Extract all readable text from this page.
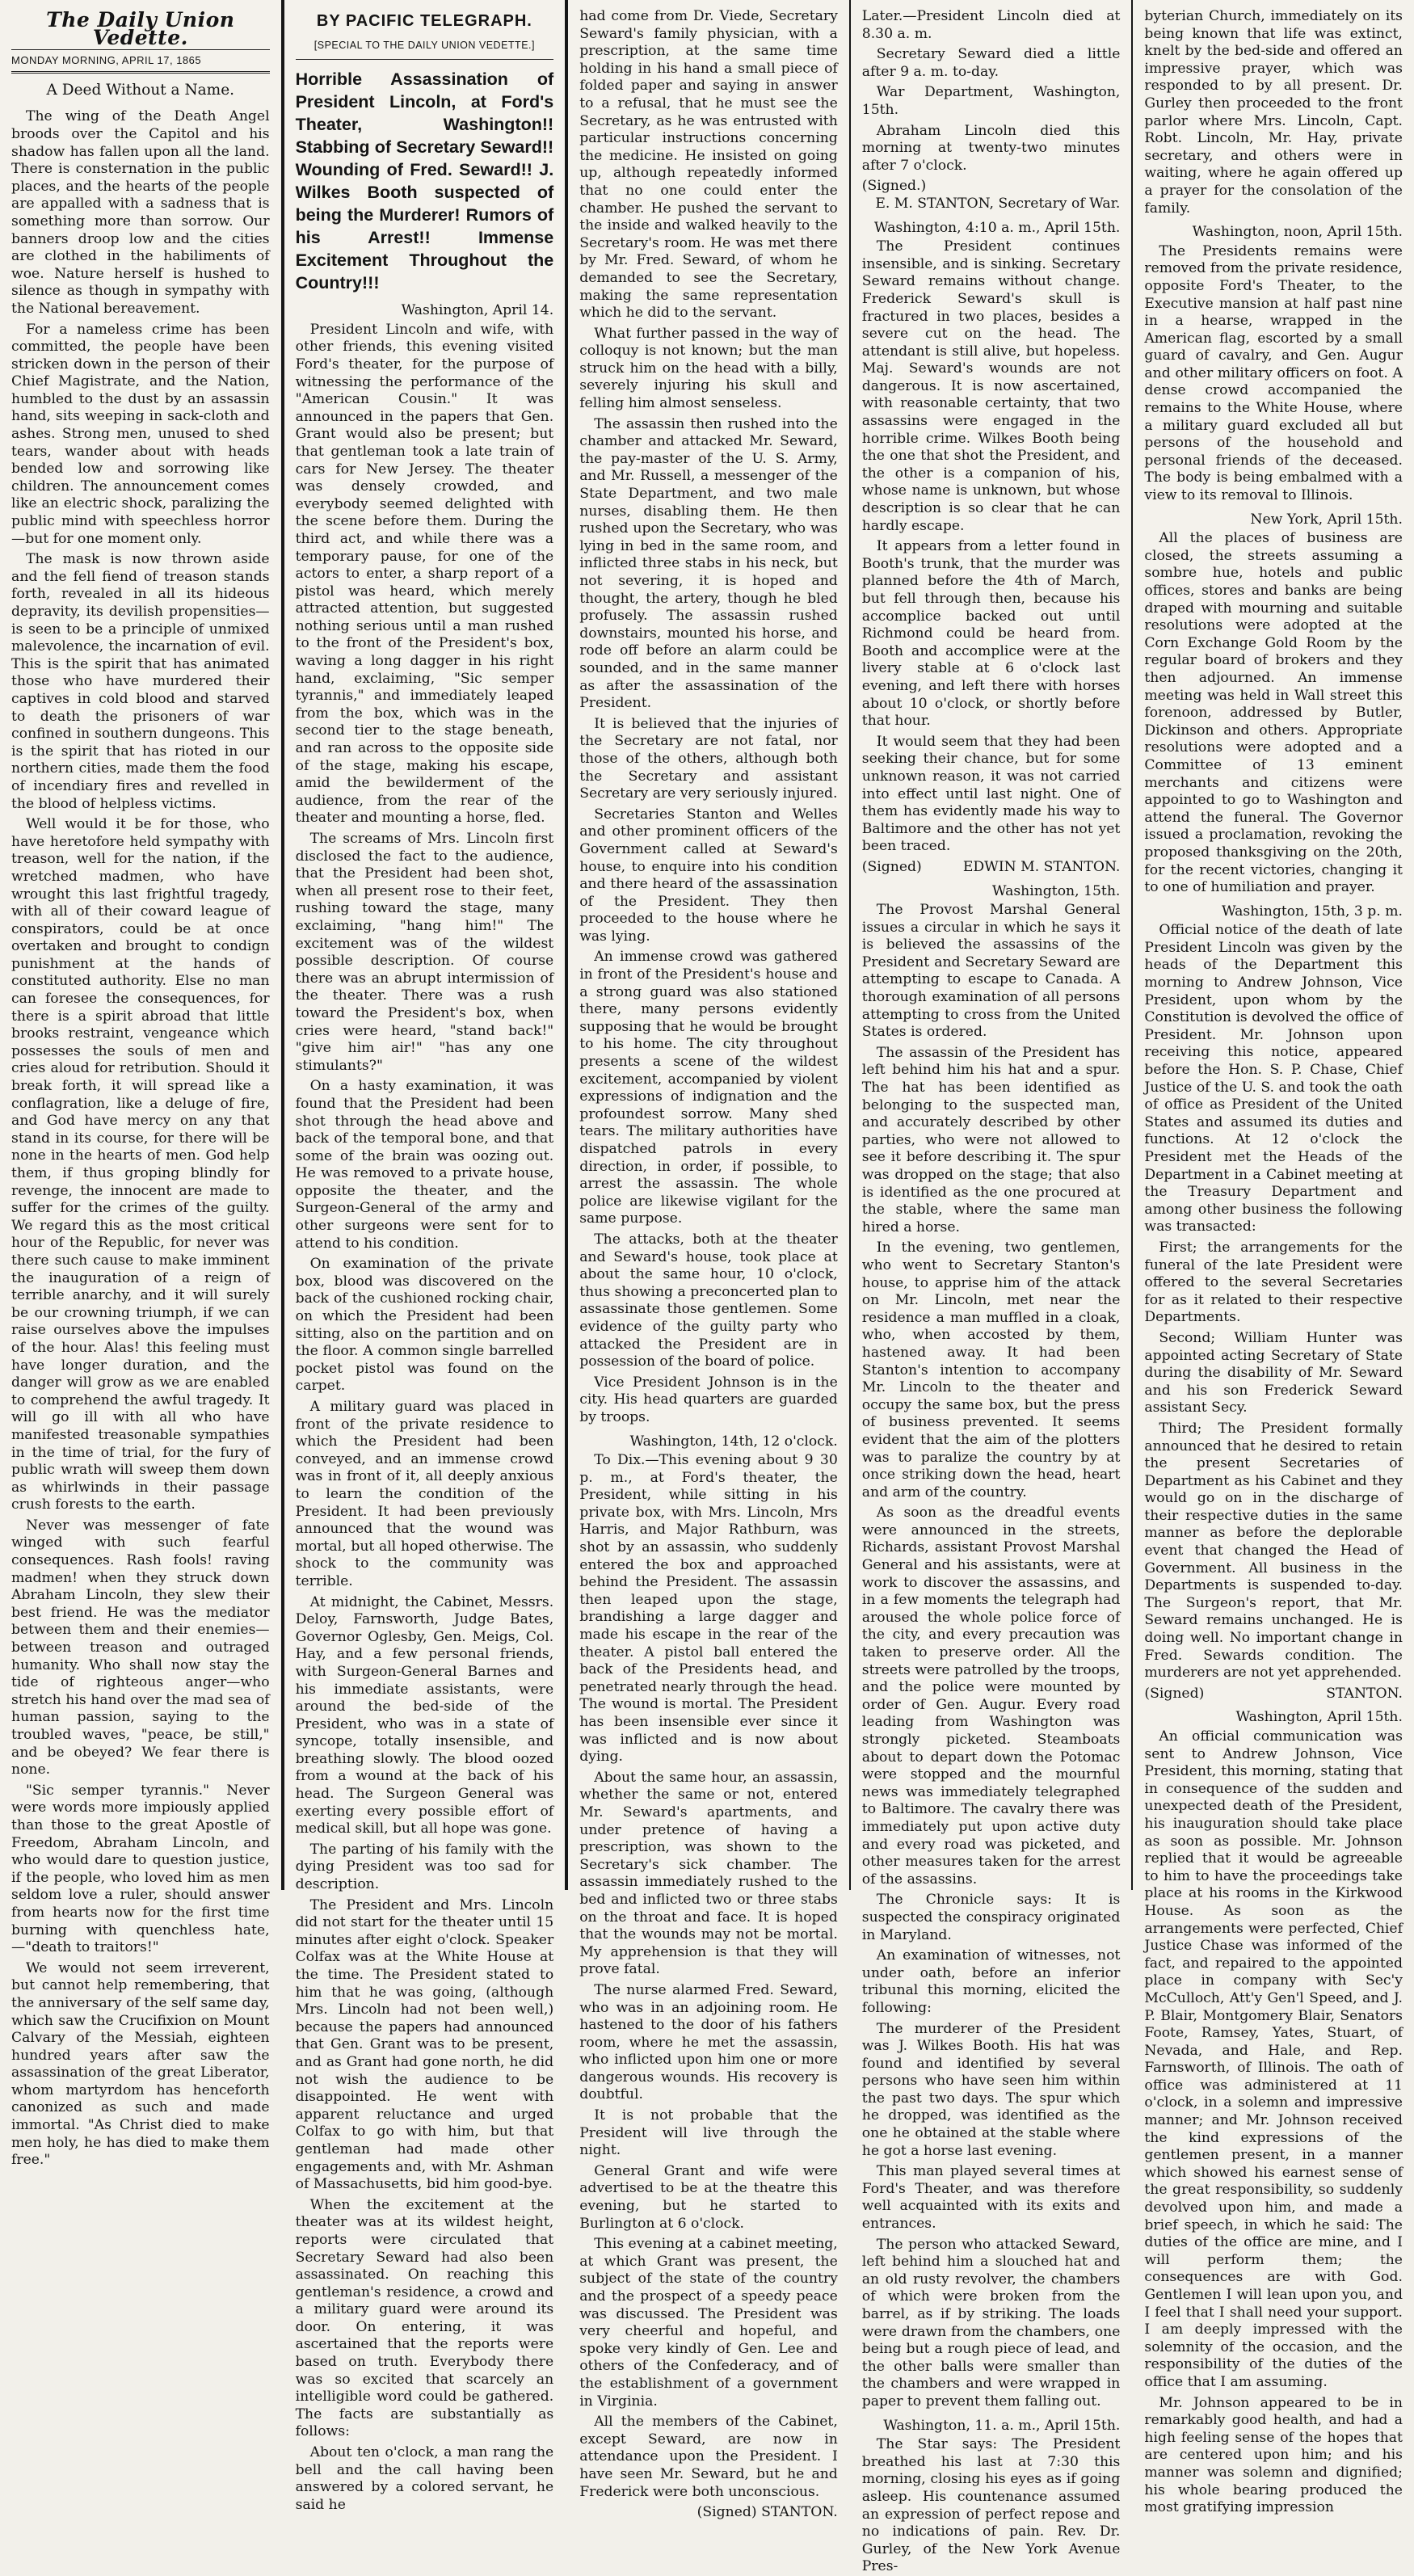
The Daily Union Vedette.
MONDAY MORNING, APRIL 17, 1865
A Deed Without a Name.

The wing of the Death Angel broods over the Capitol and his shadow has fallen upon all the land. There is consternation in the public places, and the hearts of the people are appalled with a sadness that is something more than sorrow. Our banners droop low and the cities are clothed in the habiliments of woe. Nature herself is hushed to silence as though in sympathy with the National bereavement.

For a nameless crime has been committed, the people have been stricken down in the person of their Chief Magistrate, and the Nation, humbled to the dust by an assassin hand, sits weeping in sack-cloth and ashes. Strong men, unused to shed tears, wander about with heads bended low and sorrowing like children. The announcement comes like an electric shock, paralizing the public mind with speechless horror—but for one moment only.

The mask is now thrown aside and the fell fiend of treason stands forth, revealed in all its hideous depravity, its devilish propensities—is seen to be a principle of unmixed malevolence, the incarnation of evil. This is the spirit that has animated those who have murdered their captives in cold blood and starved to death the prisoners of war confined in southern dungeons. This is the spirit that has rioted in our northern cities, made them the food of incendiary fires and revelled in the blood of helpless victims.

Well would it be for those, who have heretofore held sympathy with treason, well for the nation, if the wretched madmen, who have wrought this last frightful tragedy, with all of their coward league of conspirators, could be at once overtaken and brought to condign punishment at the hands of constituted authority. Else no man can foresee the consequences, for there is a spirit abroad that little brooks restraint, vengeance which possesses the souls of men and cries aloud for retribution. Should it break forth, it will spread like a conflagration, like a deluge of fire, and God have mercy on any that stand in its course, for there will be none in the hearts of men. God help them, if thus groping blindly for revenge, the innocent are made to suffer for the crimes of the guilty. We regard this as the most critical hour of the Republic, for never was there such cause to make imminent the inauguration of a reign of terrible anarchy, and it will surely be our crowning triumph, if we can raise ourselves above the impulses of the hour. Alas! this feeling must have longer duration, and the danger will grow as we are enabled to comprehend the awful tragedy. It will go ill with all who have manifested treasonable sympathies in the time of trial, for the fury of public wrath will sweep them down as whirlwinds in their passage crush forests to the earth.

Never was messenger of fate winged with such fearful consequences. Rash fools! raving madmen! when they struck down Abraham Lincoln, they slew their best friend. He was the mediator between them and their enemies—between treason and outraged humanity. Who shall now stay the tide of righteous anger—who stretch his hand over the mad sea of human passion, saying to the troubled waves, "peace, be still," and be obeyed? We fear there is none.

"Sic semper tyrannis." Never were words more impiously applied than those to the great Apostle of Freedom, Abraham Lincoln, and who would dare to question justice, if the people, who loved him as men seldom love a ruler, should answer from hearts now for the first time burning with quenchless hate,—"death to traitors!"

We would not seem irreverent, but cannot help remembering, that the anniversary of the self same day, which saw the Crucifixion on Mount Calvary of the Messiah, eighteen hundred years after saw the assassination of the great Liberator, whom martyrdom has henceforth canonized as such and made immortal. "As Christ died to make men holy, he has died to make them free."

BY PACIFIC TELEGRAPH.
[SPECIAL TO THE DAILY UNION VEDETTE.]
Horrible Assassination of President Lincoln, at Ford's Theater, Washington!! Stabbing of Secretary Seward!! Wounding of Fred. Seward!! J. Wilkes Booth suspected of being the Murderer! Rumors of his Arrest!! Immense Excitement Throughout the Country!!!
Washington, April 14.

President Lincoln and wife, with other friends, this evening visited Ford's theater, for the purpose of witnessing the performance of the "American Cousin." It was announced in the papers that Gen. Grant would also be present; but that gentleman took a late train of cars for New Jersey. The theater was densely crowded, and everybody seemed delighted with the scene before them. During the third act, and while there was a temporary pause, for one of the actors to enter, a sharp report of a pistol was heard, which merely attracted attention, but suggested nothing serious until a man rushed to the front of the President's box, waving a long dagger in his right hand, exclaiming, "Sic semper tyrannis," and immediately leaped from the box, which was in the second tier to the stage beneath, and ran across to the opposite side of the stage, making his escape, amid the bewilderment of the audience, from the rear of the theater and mounting a horse, fled.

The screams of Mrs. Lincoln first disclosed the fact to the audience, that the President had been shot, when all present rose to their feet, rushing toward the stage, many exclaiming, "hang him!" The excitement was of the wildest possible description. Of course there was an abrupt intermission of the theater. There was a rush toward the President's box, when cries were heard, "stand back!" "give him air!" "has any one stimulants?"

On a hasty examination, it was found that the President had been shot through the head above and back of the temporal bone, and that some of the brain was oozing out. He was removed to a private house, opposite the theater, and the Surgeon-General of the army and other surgeons were sent for to attend to his condition.

On examination of the private box, blood was discovered on the back of the cushioned rocking chair, on which the President had been sitting, also on the partition and on the floor. A common single barrelled pocket pistol was found on the carpet.

A military guard was placed in front of the private residence to which the President had been conveyed, and an immense crowd was in front of it, all deeply anxious to learn the condition of the President. It had been previously announced that the wound was mortal, but all hoped otherwise. The shock to the community was terrible.

At midnight, the Cabinet, Messrs. Deloy, Farnsworth, Judge Bates, Governor Oglesby, Gen. Meigs, Col. Hay, and a few personal friends, with Surgeon-General Barnes and his immediate assistants, were around the bed-side of the President, who was in a state of syncope, totally insensible, and breathing slowly. The blood oozed from a wound at the back of his head. The Surgeon General was exerting every possible effort of medical skill, but all hope was gone.

The parting of his family with the dying President was too sad for description.

The President and Mrs. Lincoln did not start for the theater until 15 minutes after eight o'clock. Speaker Colfax was at the White House at the time. The President stated to him that he was going, (although Mrs. Lincoln had not been well,) because the papers had announced that Gen. Grant was to be present, and as Grant had gone north, he did not wish the audience to be disappointed. He went with apparent reluctance and urged Colfax to go with him, but that gentleman had made other engagements and, with Mr. Ashman of Massachusetts, bid him good-bye.

When the excitement at the theater was at its wildest height, reports were circulated that Secretary Seward had also been assassinated. On reaching this gentleman's residence, a crowd and a military guard were around its door. On entering, it was ascertained that the reports were based on truth. Everybody there was so excited that scarcely an intelligible word could be gathered. The facts are substantially as follows:

About ten o'clock, a man rang the bell and the call having been answered by a colored servant, he said he

had come from Dr. Viede, Secretary Seward's family physician, with a prescription, at the same time holding in his hand a small piece of folded paper and saying in answer to a refusal, that he must see the Secretary, as he was entrusted with particular instructions concerning the medicine. He insisted on going up, although repeatedly informed that no one could enter the chamber. He pushed the servant to the inside and walked heavily to the Secretary's room. He was met there by Mr. Fred. Seward, of whom he demanded to see the Secretary, making the same representation which he did to the servant.

What further passed in the way of colloquy is not known; but the man struck him on the head with a billy, severely injuring his skull and felling him almost senseless.

The assassin then rushed into the chamber and attacked Mr. Seward, the pay-master of the U. S. Army, and Mr. Russell, a messenger of the State Department, and two male nurses, disabling them. He then rushed upon the Secretary, who was lying in bed in the same room, and inflicted three stabs in his neck, but not severing, it is hoped and thought, the artery, though he bled profusely. The assassin rushed downstairs, mounted his horse, and rode off before an alarm could be sounded, and in the same manner as after the assassination of the President.

It is believed that the injuries of the Secretary are not fatal, nor those of the others, although both the Secretary and assistant Secretary are very seriously injured.

Secretaries Stanton and Welles and other prominent officers of the Government called at Seward's house, to enquire into his condition and there heard of the assassination of the President. They then proceeded to the house where he was lying.

An immense crowd was gathered in front of the President's house and a strong guard was also stationed there, many persons evidently supposing that he would be brought to his home. The city throughout presents a scene of the wildest excitement, accompanied by violent expressions of indignation and the profoundest sorrow. Many shed tears. The military authorities have dispatched patrols in every direction, in order, if possible, to arrest the assassin. The whole police are likewise vigilant for the same purpose.

The attacks, both at the theater and Seward's house, took place at about the same hour, 10 o'clock, thus showing a preconcerted plan to assassinate those gentlemen. Some evidence of the guilty party who attacked the President are in possession of the board of police.

Vice President Johnson is in the city. His head quarters are guarded by troops.

Washington, 14th, 12 o'clock.

To Dix.—This evening about 9 30 p. m., at Ford's theater, the President, while sitting in his private box, with Mrs. Lincoln, Mrs Harris, and Major Rathburn, was shot by an assassin, who suddenly entered the box and approached behind the President. The assassin then leaped upon the stage, brandishing a large dagger and made his escape in the rear of the theater. A pistol ball entered the back of the Presidents head, and penetrated nearly through the head. The wound is mortal. The President has been insensible ever since it was inflicted and is now about dying.

About the same hour, an assassin, whether the same or not, entered Mr. Seward's apartments, and under pretence of having a prescription, was shown to the Secretary's sick chamber. The assassin immediately rushed to the bed and inflicted two or three stabs on the throat and face. It is hoped that the wounds may not be mortal. My apprehension is that they will prove fatal.

The nurse alarmed Fred. Seward, who was in an adjoining room. He hastened to the door of his fathers room, where he met the assassin, who inflicted upon him one or more dangerous wounds. His recovery is doubtful.

It is not probable that the President will live through the night.

General Grant and wife were advertised to be at the theatre this evening, but he started to Burlington at 6 o'clock.

This evening at a cabinet meeting, at which Grant was present, the subject of the state of the country and the prospect of a speedy peace was discussed. The President was very cheerful and hopeful, and spoke very kindly of Gen. Lee and others of the Confederacy, and of the establishment of a government in Virginia.

All the members of the Cabinet, except Seward, are now in attendance upon the President. I have seen Mr. Seward, but he and Frederick were both unconscious.

(Signed) STANTON.

Later.—President Lincoln died at 8.30 a. m.

Secretary Seward died a little after 9 a. m. to-day.

War Department, Washington, 15th.

Abraham Lincoln died this morning at twenty-two minutes after 7 o'clock.

(Signed.)
E. M. STANTON, Secretary of War.
Washington, 4:10 a. m., April 15th.

The President continues insensible, and is sinking. Secretary Seward remains without change. Frederick Seward's skull is fractured in two places, besides a severe cut on the head. The attendant is still alive, but hopeless. Maj. Seward's wounds are not dangerous. It is now ascertained, with reasonable certainty, that two assassins were engaged in the horrible crime. Wilkes Booth being the one that shot the President, and the other is a companion of his, whose name is unknown, but whose description is so clear that he can hardly escape.

It appears from a letter found in Booth's trunk, that the murder was planned before the 4th of March, but fell through then, because his accomplice backed out until Richmond could be heard from. Booth and accomplice were at the livery stable at 6 o'clock last evening, and left there with horses about 10 o'clock, or shortly before that hour.

It would seem that they had been seeking their chance, but for some unknown reason, it was not carried into effect until last night. One of them has evidently made his way to Baltimore and the other has not yet been traced.

(Signed)	EDWIN M. STANTON.
Washington, 15th.

The Provost Marshal General issues a circular in which he says it is believed the assassins of the President and Secretary Seward are attempting to escape to Canada. A thorough examination of all persons attempting to cross from the United States is ordered.

The assassin of the President has left behind him his hat and a spur. The hat has been identified as belonging to the suspected man, and accurately described by other parties, who were not allowed to see it before describing it. The spur was dropped on the stage; that also is identified as the one procured at the stable, where the same man hired a horse.

In the evening, two gentlemen, who went to Secretary Stanton's house, to apprise him of the attack on Mr. Lincoln, met near the residence a man muffled in a cloak, who, when accosted by them, hastened away. It had been Stanton's intention to accompany Mr. Lincoln to the theater and occupy the same box, but the press of business prevented. It seems evident that the aim of the plotters was to paralize the country by at once striking down the head, heart and arm of the country.

As soon as the dreadful events were announced in the streets, Richards, assistant Provost Marshal General and his assistants, were at work to discover the assassins, and in a few moments the telegraph had aroused the whole police force of the city, and every precaution was taken to preserve order. All the streets were patrolled by the troops, and the police were mounted by order of Gen. Augur. Every road leading from Washington was strongly picketed. Steamboats about to depart down the Potomac were stopped and the mournful news was immediately telegraphed to Baltimore. The cavalry there was immediately put upon active duty and every road was picketed, and other measures taken for the arrest of the assassins.

The Chronicle says: It is suspected the conspiracy originated in Maryland.

An examination of witnesses, not under oath, before an inferior tribunal this morning, elicited the following:

The murderer of the President was J. Wilkes Booth. His hat was found and identified by several persons who have seen him within the past two days. The spur which he dropped, was identified as the one he obtained at the stable where he got a horse last evening.

This man played several times at Ford's Theater, and was therefore well acquainted with its exits and entrances.

The person who attacked Seward, left behind him a slouched hat and an old rusty revolver, the chambers of which were broken from the barrel, as if by striking. The loads were drawn from the chambers, one being but a rough piece of lead, and the other balls were smaller than the chambers and were wrapped in paper to prevent them falling out.

Washington, 11. a. m., April 15th.

The Star says: The President breathed his last at 7:30 this morning, closing his eyes as if going asleep. His countenance assumed an expression of perfect repose and no indications of pain. Rev. Dr. Gurley, of the New York Avenue Pres-

byterian Church, immediately on its being known that life was extinct, knelt by the bed-side and offered an impressive prayer, which was responded to by all present. Dr. Gurley then proceeded to the front parlor where Mrs. Lincoln, Capt. Robt. Lincoln, Mr. Hay, private secretary, and others were in waiting, where he again offered up a prayer for the consolation of the family.

Washington, noon, April 15th.

The Presidents remains were removed from the private residence, opposite Ford's Theater, to the Executive mansion at half past nine in a hearse, wrapped in the American flag, escorted by a small guard of cavalry, and Gen. Augur and other military officers on foot. A dense crowd accompanied the remains to the White House, where a military guard excluded all but persons of the household and personal friends of the deceased. The body is being embalmed with a view to its removal to Illinois.

New York, April 15th.

All the places of business are closed, the streets assuming a sombre hue, hotels and public offices, stores and banks are being draped with mourning and suitable resolutions were adopted at the Corn Exchange Gold Room by the regular board of brokers and they then adjourned. An immense meeting was held in Wall street this forenoon, addressed by Butler, Dickinson and others. Appropriate resolutions were adopted and a Committee of 13 eminent merchants and citizens were appointed to go to Washington and attend the funeral. The Governor issued a proclamation, revoking the proposed thanksgiving on the 20th, for the recent victories, changing it to one of humiliation and prayer.

Washington, 15th, 3 p. m.

Official notice of the death of late President Lincoln was given by the heads of the Department this morning to Andrew Johnson, Vice President, upon whom by the Constitution is devolved the office of President. Mr. Johnson upon receiving this notice, appeared before the Hon. S. P. Chase, Chief Justice of the U. S. and took the oath of office as President of the United States and assumed its duties and functions. At 12 o'clock the President met the Heads of the Department in a Cabinet meeting at the Treasury Department and among other business the following was transacted:

First; the arrangements for the funeral of the late President were offered to the several Secretaries for as it related to their respective Departments.

Second; William Hunter was appointed acting Secretary of State during the disability of Mr. Seward and his son Frederick Seward assistant Secy.

Third; The President formally announced that he desired to retain the present Secretaries of Department as his Cabinet and they would go on in the discharge of their respective duties in the same manner as before the deplorable event that changed the Head of Government. All business in the Departments is suspended to-day. The Surgeon's report, that Mr. Seward remains unchanged. He is doing well. No important change in Fred. Sewards condition. The murderers are not yet apprehended.

(Signed)	STANTON.
Washington, April 15th.

An official communication was sent to Andrew Johnson, Vice President, this morning, stating that in consequence of the sudden and unexpected death of the President, his inauguration should take place as soon as possible. Mr. Johnson replied that it would be agreeable to him to have the proceedings take place at his rooms in the Kirkwood House. As soon as the arrangements were perfected, Chief Justice Chase was informed of the fact, and repaired to the appointed place in company with Sec'y McCulloch, Att'y Gen'l Speed, and J. P. Blair, Montgomery Blair, Senators Foote, Ramsey, Yates, Stuart, of Nevada, and Hale, and Rep. Farnsworth, of Illinois. The oath of office was administered at 11 o'clock, in a solemn and impressive manner; and Mr. Johnson received the kind expressions of the gentlemen present, in a manner which showed his earnest sense of the great responsibility, so suddenly devolved upon him, and made a brief speech, in which he said: The duties of the office are mine, and I will perform them; the consequences are with God. Gentlemen I will lean upon you, and I feel that I shall need your support. I am deeply impressed with the solemnity of the occasion, and the responsibility of the duties of the office that I am assuming.

Mr. Johnson appeared to be in remarkably good health, and had a high feeling sense of the hopes that are centered upon him; and his manner was solemn and dignified; his whole bearing produced the most gratifying impression
